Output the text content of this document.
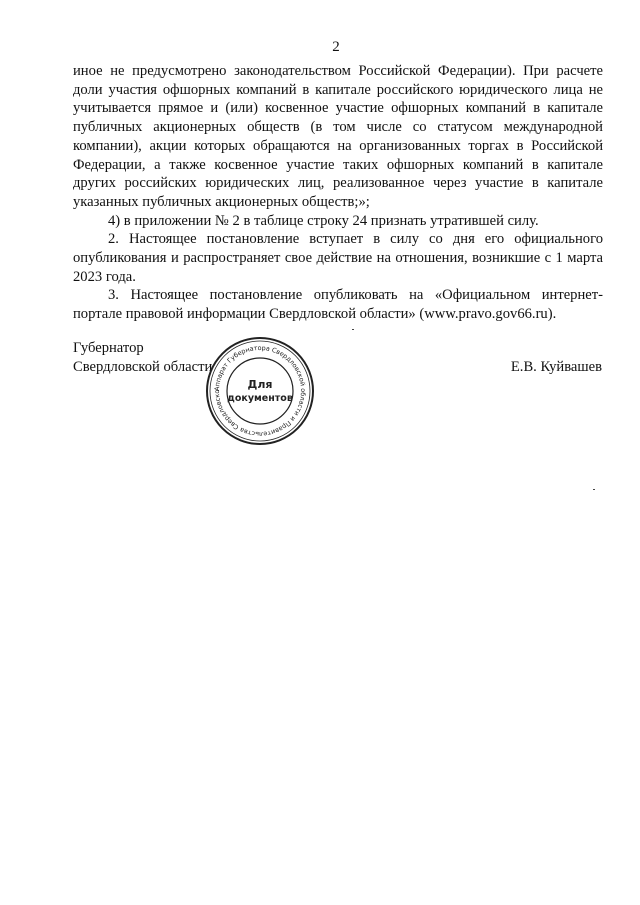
2

иное не предусмотрено законодательством Российской Федерации). При расчете доли участия офшорных компаний в капитале российского юридического лица не учитывается прямое и (или) косвенное участие офшорных компаний в капитале публичных акционерных обществ (в том числе со статусом международной компании), акции которых обращаются на организованных торгах в Российской Федерации, а также косвенное участие таких офшорных компаний в капитале других российских юридических лиц, реализованное через участие в капитале указанных публичных акционерных обществ;»;

4) в приложении № 2 в таблице строку 24 признать утратившей силу.

2. Настоящее постановление вступает в силу со дня его официального опубликования и распространяет свое действие на отношения, возникшие с 1 марта 2023 года.

3. Настоящее постановление опубликовать на «Официальном интернет-портале правовой информации Свердловской области» (www.pravo.gov66.ru).

Губернатор
Свердловской области
Аппарат Губернатора Свердловской области и Правительства Свердловско
Для
документов
Е.В. Куйвашев
